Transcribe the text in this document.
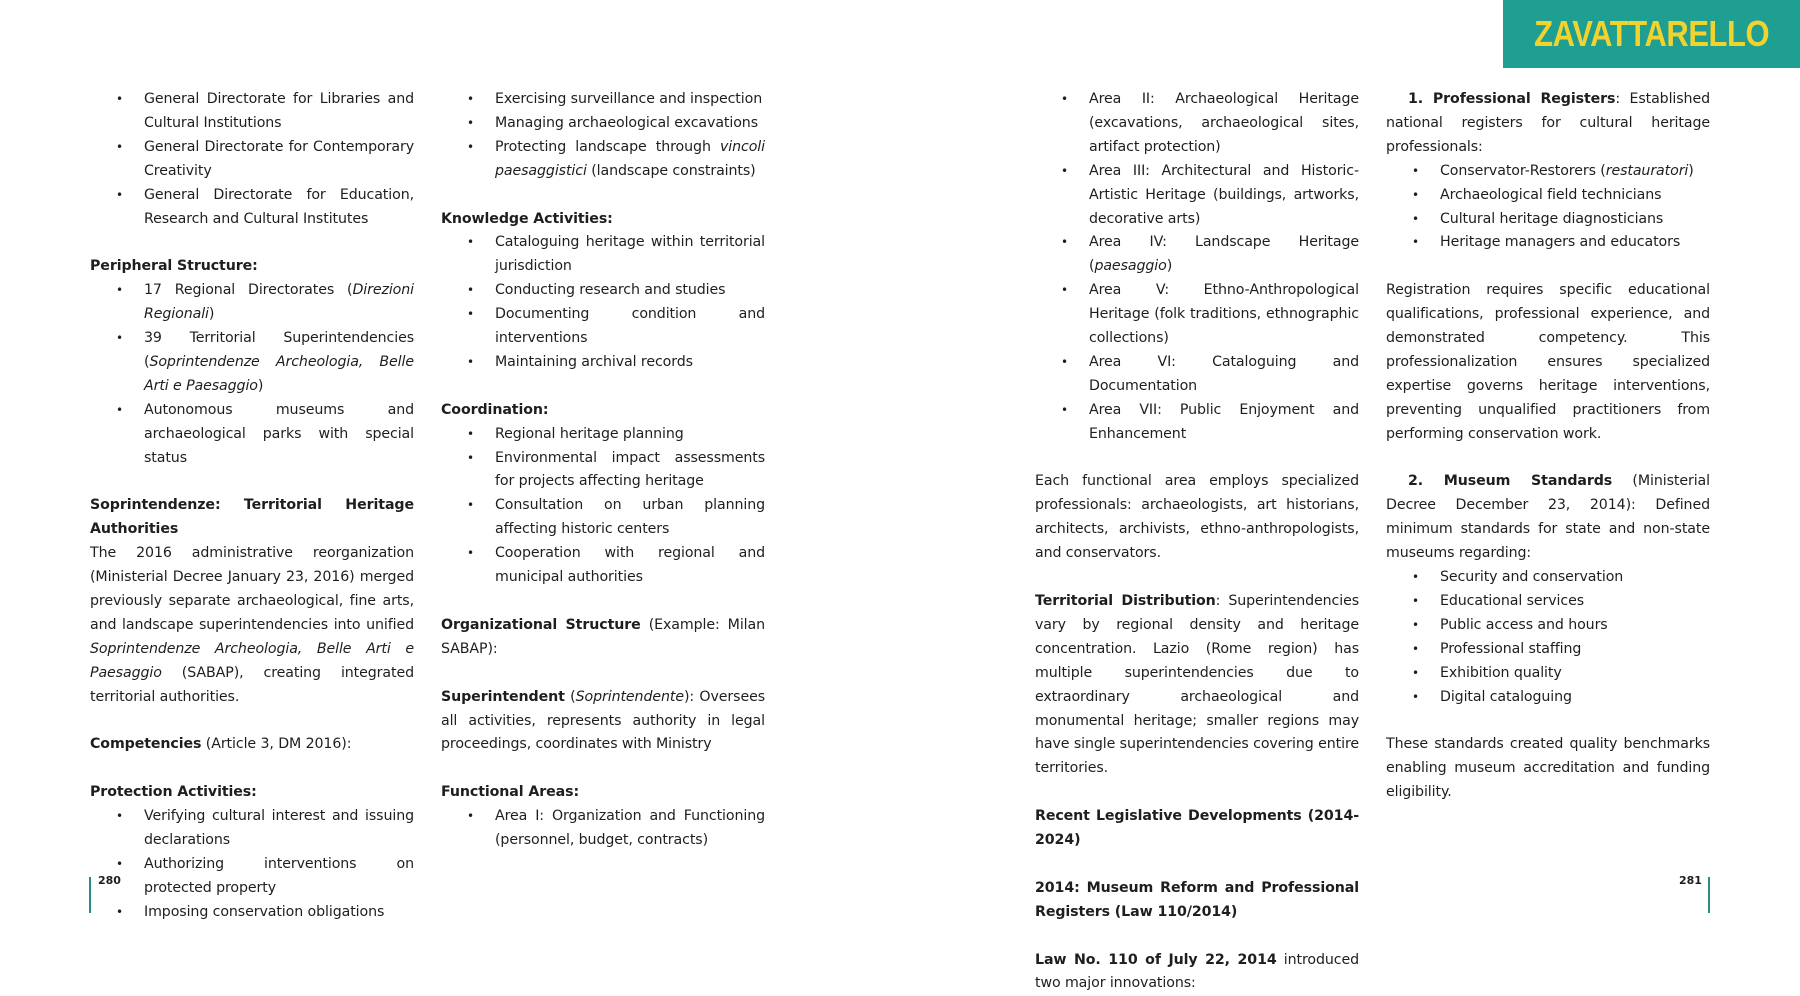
ZAVATTARELLO
• General Directorate for Libraries and Cultural Institutions
• General Directorate for Contemporary Creativity
• General Directorate for Education, Research and Cultural Institutes

Peripheral Structure:

• 17 Regional Directorates (Direzioni Regionali)
• 39 Territorial Superintendencies (Soprintendenze Archeologia, Belle Arti e Paesaggio)
• Autonomous museums and archaeological parks with special status

Soprintendenze: Territorial Heritage Authorities

The 2016 administrative reorganization (Ministerial Decree January 23, 2016) merged previously separate archaeological, fine arts, and landscape superintendencies into unified Soprintendenze Archeologia, Belle Arti e Paesaggio (SABAP), creating integrated territorial authorities.

Competencies (Article 3, DM 2016):

Protection Activities:

• Verifying cultural interest and issuing declarations
• Authorizing interventions on protected property
• Imposing conservation obligations
• Exercising surveillance and inspection
• Managing archaeological excavations
• Protecting landscape through vincoli paesaggistici (landscape constraints)

Knowledge Activities:

• Cataloguing heritage within territorial jurisdiction
• Conducting research and studies
• Documenting condition and interventions
• Maintaining archival records

Coordination:

• Regional heritage planning
• Environmental impact assessments for projects affecting heritage
• Consultation on urban planning affecting historic centers
• Cooperation with regional and municipal authorities

Organizational Structure (Example: Milan SABAP):

Superintendent (Soprintendente): Oversees all activities, represents authority in legal proceedings, coordinates with Ministry

Functional Areas:

• Area I: Organization and Functioning (personnel, budget, contracts)
• Area II: Archaeological Heritage (excavations, archaeological sites, artifact protection)
• Area III: Architectural and Historic-Artistic Heritage (buildings, artworks, decorative arts)
• Area IV: Landscape Heritage (paesaggio)
• Area V: Ethno-Anthropological Heritage (folk traditions, ethnographic collections)
• Area VI: Cataloguing and Documentation
• Area VII: Public Enjoyment and Enhancement

Each functional area employs specialized professionals: archaeologists, art historians, architects, archivists, ethno-anthropologists, and conservators.

Territorial Distribution: Superintendencies vary by regional density and heritage concentration. Lazio (Rome region) has multiple superintendencies due to extraordinary archaeological and monumental heritage; smaller regions may have single superintendencies covering entire territories.

Recent Legislative Developments (2014-2024)

2014: Museum Reform and Professional Registers (Law 110/2014)

Law No. 110 of July 22, 2014 introduced two major innovations:

1. Professional Registers: Established national registers for cultural heritage professionals:

• Conservator-Restorers (restauratori)
• Archaeological field technicians
• Cultural heritage diagnosticians
• Heritage managers and educators

Registration requires specific educational qualifications, professional experience, and demonstrated competency. This professionalization ensures specialized expertise governs heritage interventions, preventing unqualified practitioners from performing conservation work.

2. Museum Standards (Ministerial Decree December 23, 2014): Defined minimum standards for state and non-state museums regarding:

• Security and conservation
• Educational services
• Public access and hours
• Professional staffing
• Exhibition quality
• Digital cataloguing

These standards created quality benchmarks enabling museum accreditation and funding eligibility.

280	281
